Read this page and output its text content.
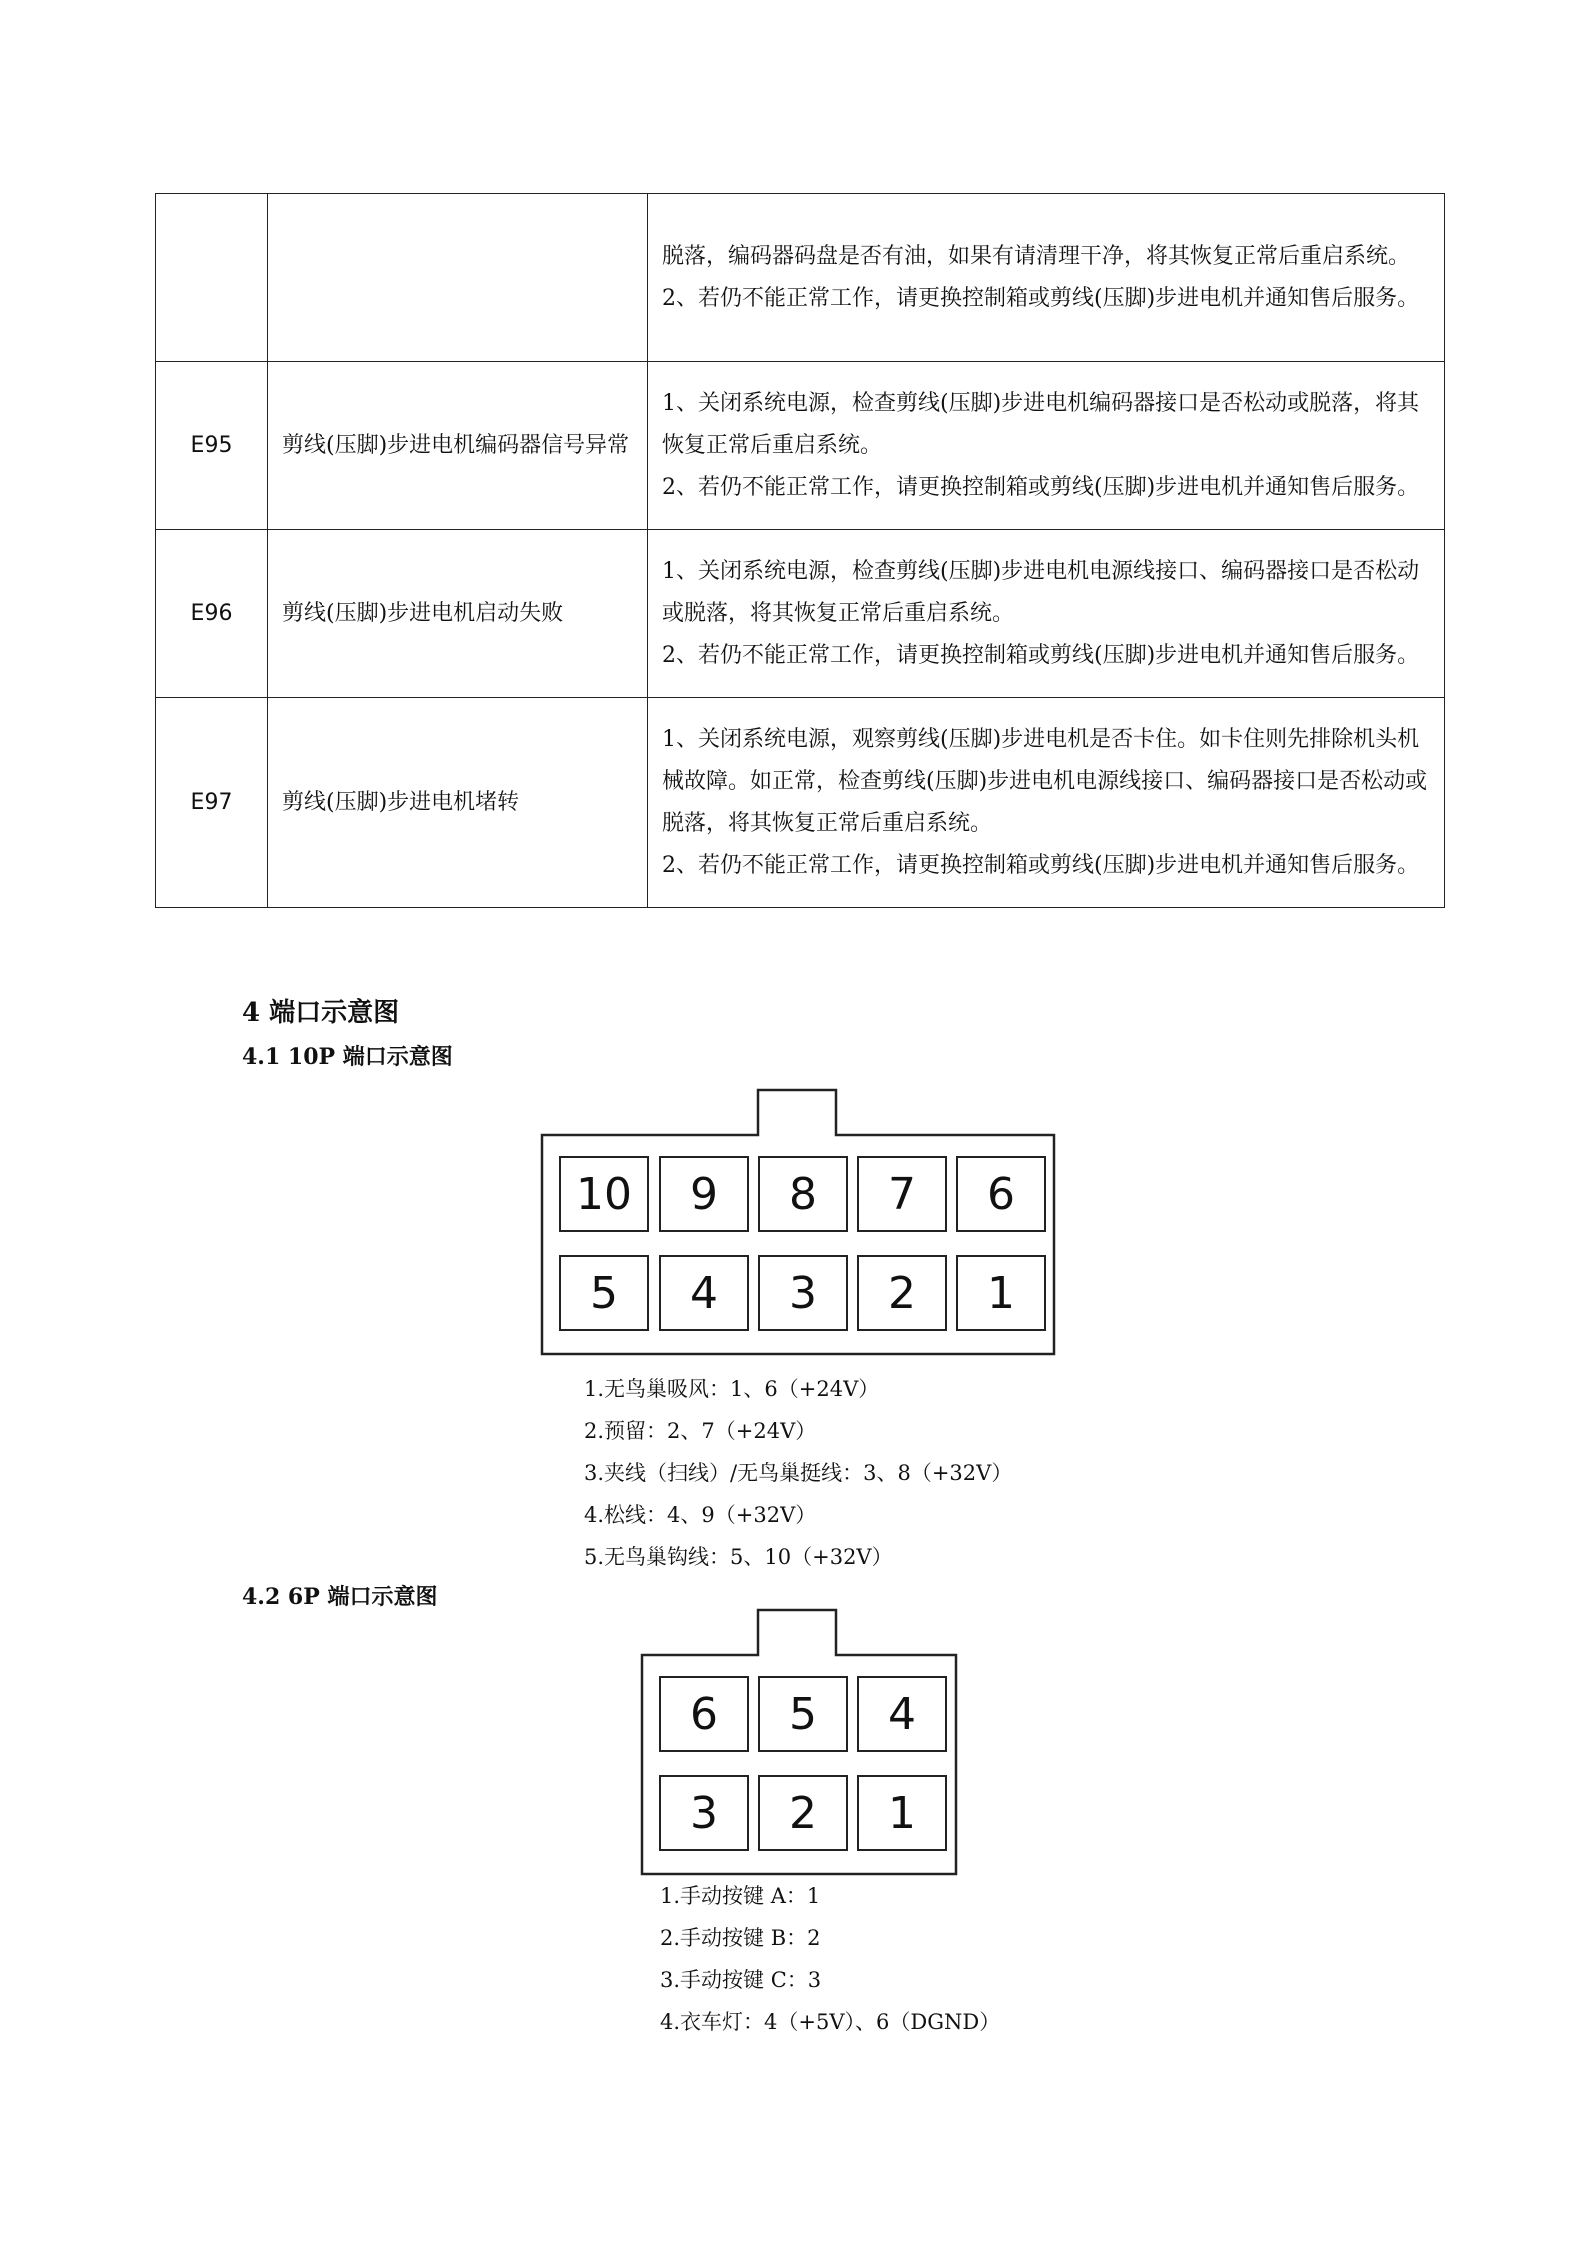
		脱落，编码器码盘是否有油，如果有请清理干净，将其恢复正常后重启系统。

2、若仍不能正常工作，请更换控制箱或剪线(压脚)步进电机并通知售后服务。

E95	剪线(压脚)步进电机编码器信号异常	1、关闭系统电源，检查剪线(压脚)步进电机编码器接口是否松动或脱落，将其恢复正常后重启系统。

2、若仍不能正常工作，请更换控制箱或剪线(压脚)步进电机并通知售后服务。

E96	剪线(压脚)步进电机启动失败	1、关闭系统电源，检查剪线(压脚)步进电机电源线接口、编码器接口是否松动或脱落，将其恢复正常后重启系统。

2、若仍不能正常工作，请更换控制箱或剪线(压脚)步进电机并通知售后服务。

E97	剪线(压脚)步进电机堵转	1、关闭系统电源，观察剪线(压脚)步进电机是否卡住。如卡住则先排除机头机械故障。如正常，检查剪线(压脚)步进电机电源线接口、编码器接口是否松动或脱落，将其恢复正常后重启系统。

2、若仍不能正常工作，请更换控制箱或剪线(压脚)步进电机并通知售后服务。

4 端口示意图
4.1 10P 端口示意图
10	9	8	7	6
5	4	3	2	1
1.无鸟巢吸风：1、6（+24V）
2.预留：2、7（+24V）
3.夹线（扫线）/无鸟巢挺线：3、8（+32V）
4.松线：4、9（+32V）
5.无鸟巢钩线：5、10（+32V）
4.2 6P 端口示意图
6	5	4
3	2	1
1.手动按键 A：1
2.手动按键 B：2
3.手动按键 C：3
4.衣车灯：4（+5V）、6（DGND）
